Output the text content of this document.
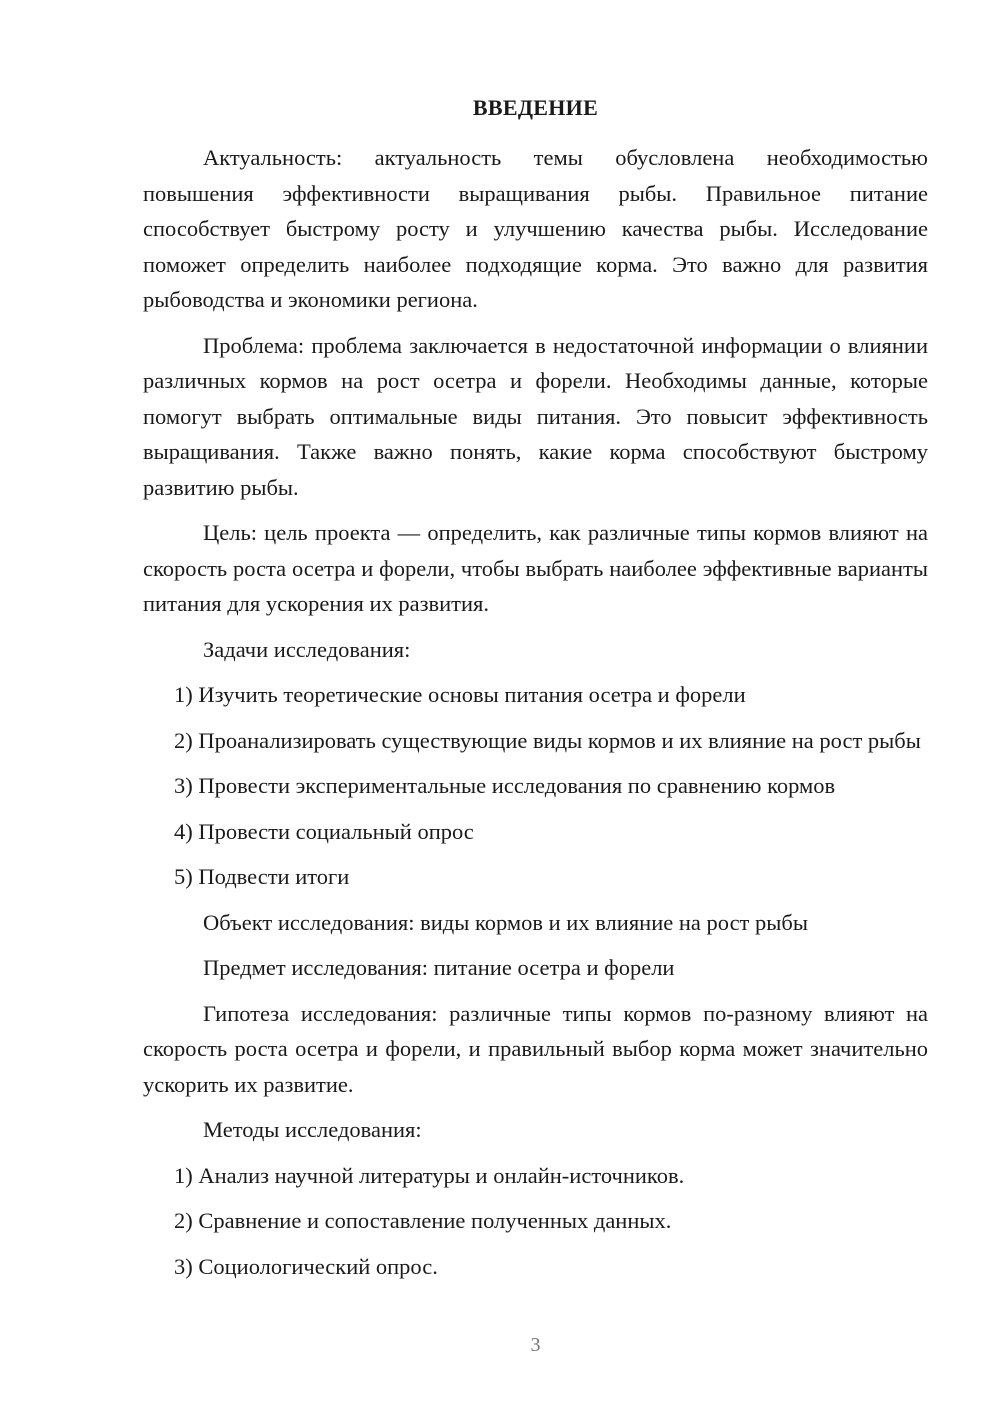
ВВЕДЕНИЕ

Актуальность: актуальность темы обусловлена необходимостью повышения эффективности выращивания рыбы. Правильное питание способствует быстрому росту и улучшению качества рыбы. Исследование поможет определить наиболее подходящие корма. Это важно для развития рыбоводства и экономики региона.

Проблема: проблема заключается в недостаточной информации о влиянии различных кормов на рост осетра и форели. Необходимы данные, которые помогут выбрать оптимальные виды питания. Это повысит эффективность выращивания. Также важно понять, какие корма способствуют быстрому развитию рыбы.

Цель: цель проекта — определить, как различные типы кормов влияют на скорость роста осетра и форели, чтобы выбрать наиболее эффективные варианты питания для ускорения их развития.

Задачи исследования:

1) Изучить теоретические основы питания осетра и форели

2) Проанализировать существующие виды кормов и их влияние на рост рыбы

3) Провести экспериментальные исследования по сравнению кормов

4) Провести социальный опрос

5) Подвести итоги

Объект исследования: виды кормов и их влияние на рост рыбы

Предмет исследования: питание осетра и форели

Гипотеза исследования: различные типы кормов по-разному влияют на скорость роста осетра и форели, и правильный выбор корма может значительно ускорить их развитие.

Методы исследования:

1) Анализ научной литературы и онлайн-источников.

2) Сравнение и сопоставление полученных данных.

3) Социологический опрос.

3
